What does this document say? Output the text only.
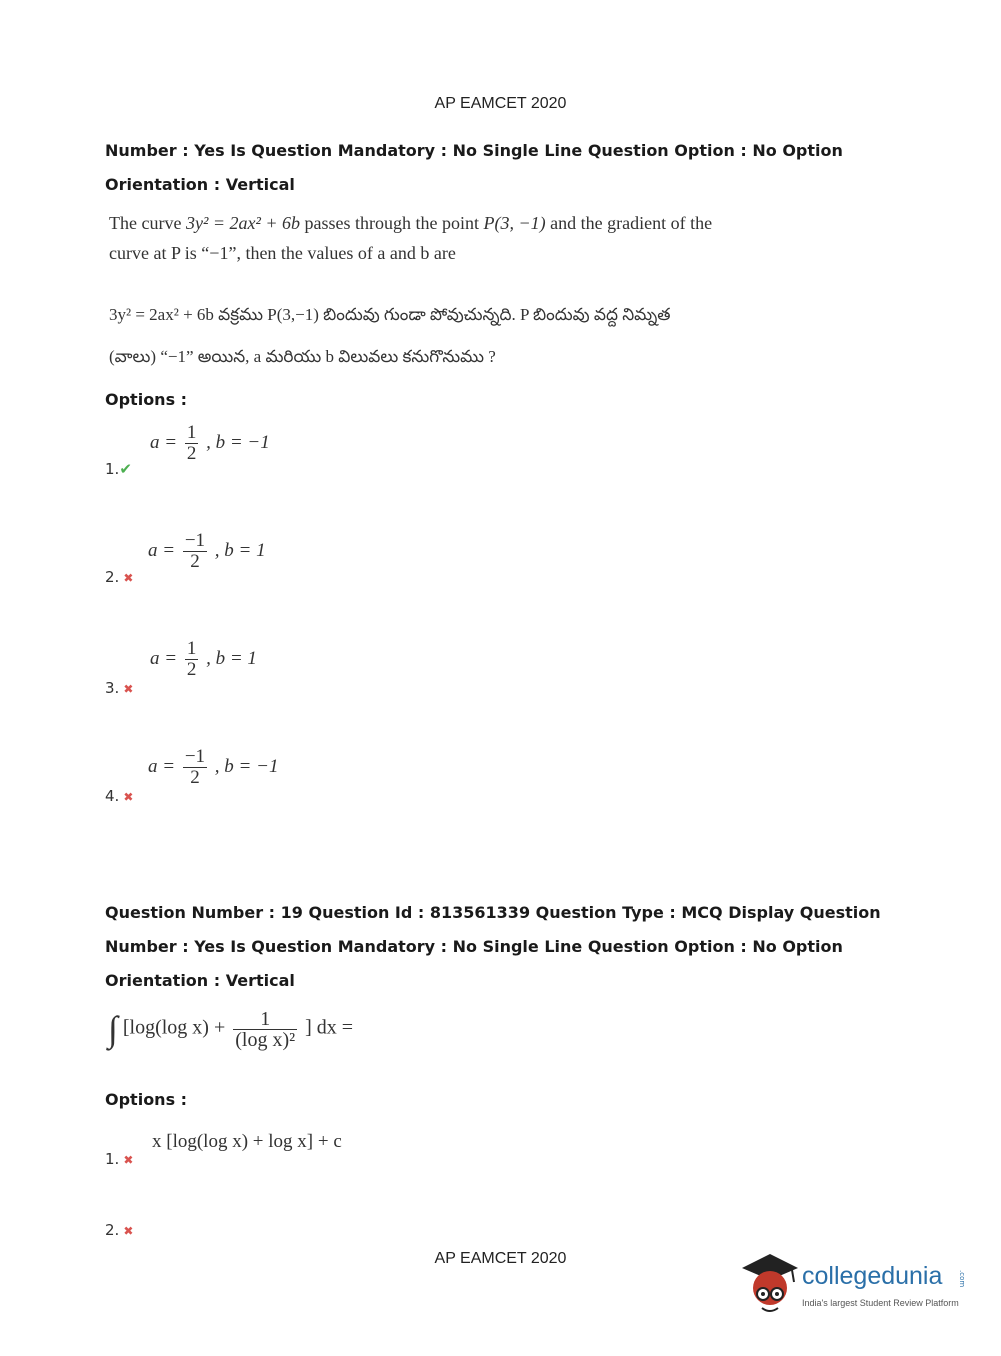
AP EAMCET 2020
Number : Yes Is Question Mandatory : No Single Line Question Option : No Option
Orientation : Vertical
The curve 3y² = 2ax² + 6b passes through the point P(3, −1) and the gradient of the
curve at P is “−1”, then the values of a and b are
3y² = 2ax² + 6b వక్రము P(3,−1) బిందువు గుండా పోవుచున్నది. P బిందువు వద్ద నిమ్నత
(వాలు) “−1” అయిన, a మరియు b విలువలు కనుగొనుము ?
Options :
$a = \frac{1}{2}$ , b = −1
1.✔
$a = \frac{-1}{2}$ , b = 1
2. ✖
$a = \frac{1}{2}$ , b = 1
3. ✖
$a = \frac{-1}{2}$ , b = −1
4. ✖
Question Number : 19 Question Id : 813561339 Question Type : MCQ Display Question
Number : Yes Is Question Mandatory : No Single Line Question Option : No Option
Orientation : Vertical
∫ [log(log $x) + \frac{1}{\text{(log x)²}}$ ] dx =
Options :
x [log(log x) + log x] + c
1. ✖
2. ✖
AP EAMCET 2020
collegedunia .com
India's largest Student Review Platform
